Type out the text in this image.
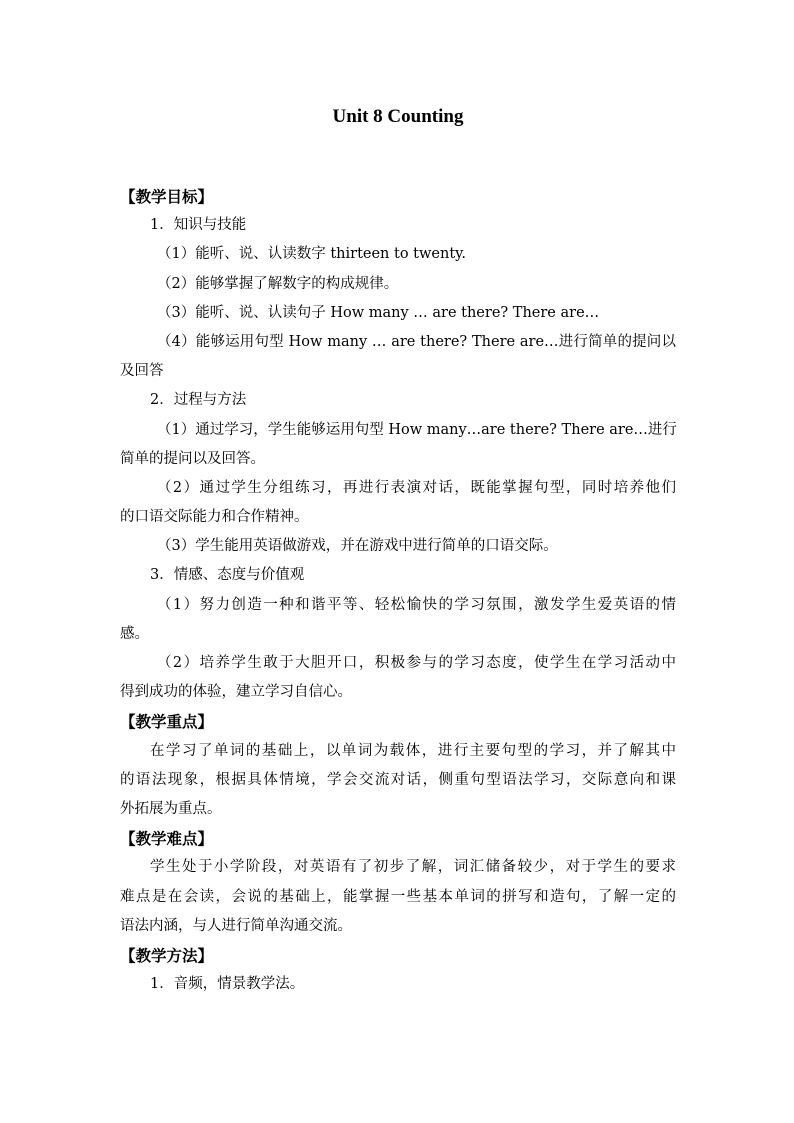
Unit 8 Counting
【教学目标】
1．知识与技能
（1）能听、说、认读数字 thirteen to twenty.
（2）能够掌握了解数字的构成规律。
（3）能听、说、认读句子 How many … are there? There are…
（4）能够运用句型 How many … are there? There are…进行简单的提问以
及回答
2．过程与方法
（1）通过学习，学生能够运用句型 How many…are there? There are…进行
简单的提问以及回答。
（2）通过学生分组练习，再进行表演对话，既能掌握句型，同时培养他们
的口语交际能力和合作精神。
（3）学生能用英语做游戏，并在游戏中进行简单的口语交际。
3．情感、态度与价值观
（1）努力创造一种和谐平等、轻松愉快的学习氛围，激发学生爱英语的情
感。
（2）培养学生敢于大胆开口，积极参与的学习态度，使学生在学习活动中
得到成功的体验，建立学习自信心。
【教学重点】
在学习了单词的基础上，以单词为载体，进行主要句型的学习，并了解其中
的语法现象，根据具体情境，学会交流对话，侧重句型语法学习，交际意向和课
外拓展为重点。
【教学难点】
学生处于小学阶段，对英语有了初步了解，词汇储备较少，对于学生的要求
难点是在会读，会说的基础上，能掌握一些基本单词的拼写和造句，了解一定的
语法内涵，与人进行简单沟通交流。
【教学方法】
1．音频，情景教学法。
